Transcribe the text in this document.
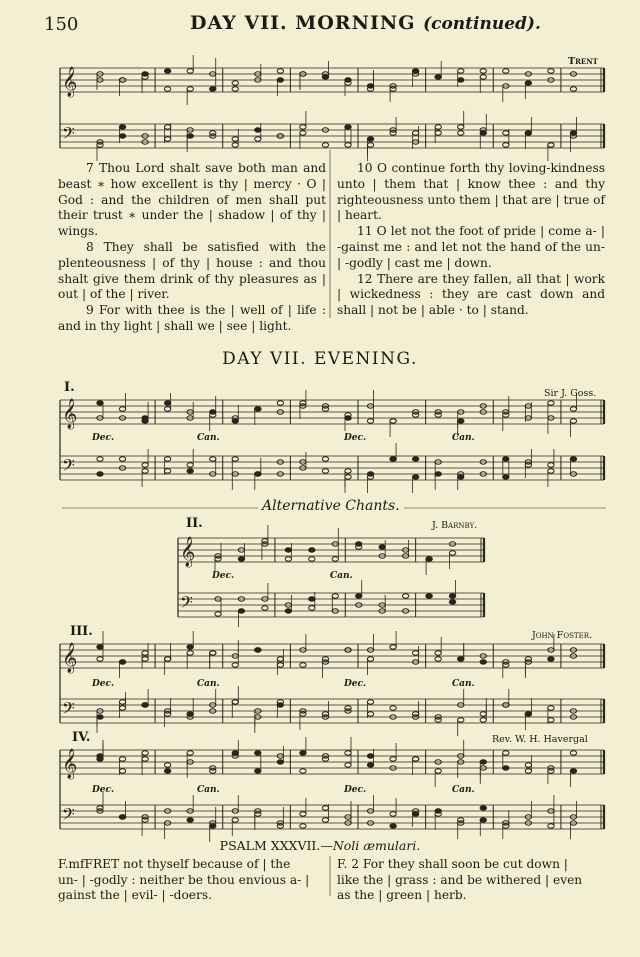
150	DAY VII. MORNING (continued).
𝄞
𝄢
𝄞
𝄢
𝄞
𝄢
𝄞
𝄢
𝄞
𝄢
Trent

7 Thou Lord shalt save both man and beast ∗ how excellent is thy | mercy · O | God : and the children of men shall put their trust ∗ under the | shadow | of thy | wings.

8 They shall be satisfied with the plenteousness | of thy | house : and thou shalt give them drink of thy pleasures as | out | of the | river.

9 For with thee is the | well of | life : and in thy light | shall we | see | light.

10 O continue forth thy loving-kindness unto | them that | know thee : and thy righteousness unto them | that are | true of | heart.

11 O let not the foot of pride | come a- | -gainst me : and let not the hand of the un- | -godly | cast me | down.

12 There are they fallen, all that | work | wickedness : they are cast down and shall | not be | able · to | stand.

DAY VII. EVENING.
I.	Sir J. Goss.
Dec.	Can.	Dec.	Can.
Alternative Chants.
II.	J. Barnby.
Dec.	Can.
III.	John Foster.
Dec.	Can.	Dec.	Can.
IV.	Rev. W. H. Havergal
Dec.	Can.	Dec.	Can.
PSALM XXXVII.—Noli æmulari.
F.mfFRET not thyself because of | the
un- | -godly : neither be thou envious a- |
gainst the | evil- | -doers.
F. 2 For they shall soon be cut down |
like the | grass : and be withered | even
as the | green | herb.
